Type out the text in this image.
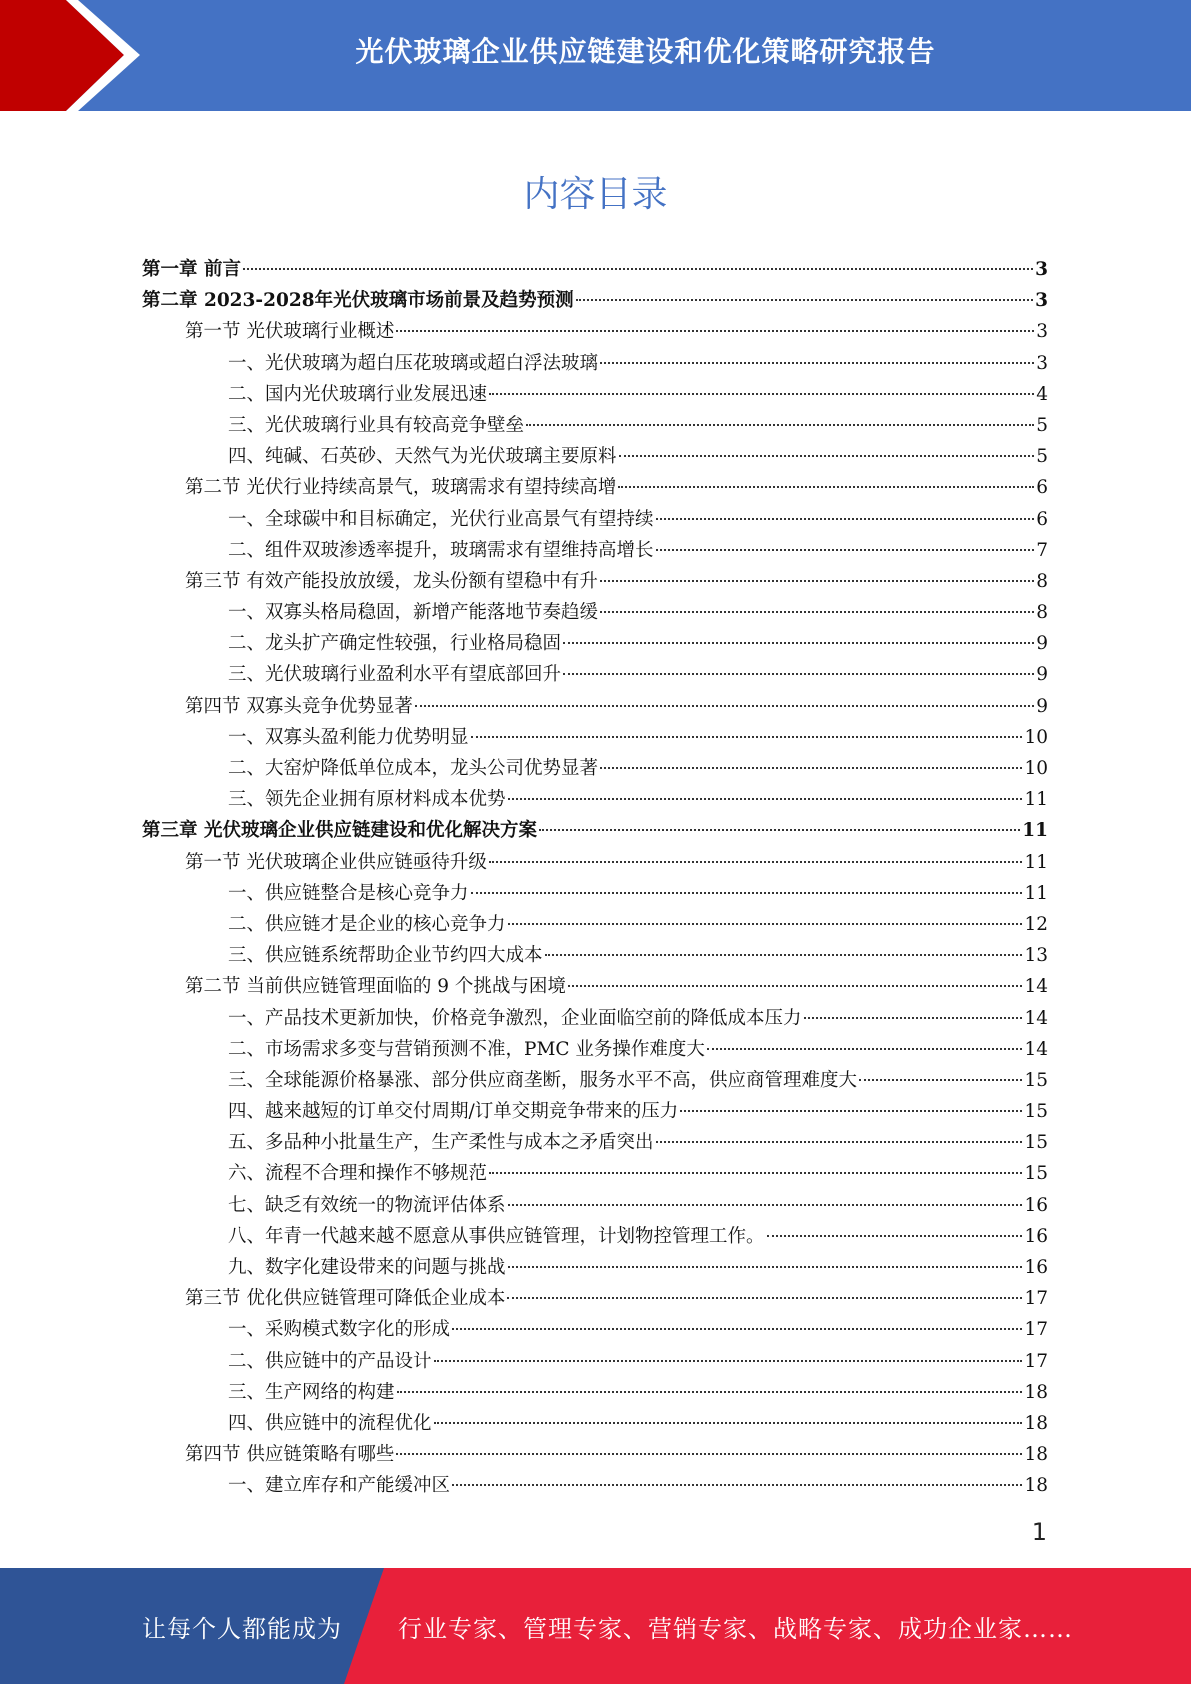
光伏玻璃企业供应链建设和优化策略研究报告
内容目录
第一章 前言	3
第二章 2023-2028年光伏玻璃市场前景及趋势预测	3
第一节 光伏玻璃行业概述	3
一、光伏玻璃为超白压花玻璃或超白浮法玻璃	3
二、国内光伏玻璃行业发展迅速	4
三、光伏玻璃行业具有较高竞争壁垒	5
四、纯碱、石英砂、天然气为光伏玻璃主要原料	5
第二节 光伏行业持续高景气，玻璃需求有望持续高增	6
一、全球碳中和目标确定，光伏行业高景气有望持续	6
二、组件双玻渗透率提升，玻璃需求有望维持高增长	7
第三节 有效产能投放放缓，龙头份额有望稳中有升	8
一、双寡头格局稳固，新增产能落地节奏趋缓	8
二、龙头扩产确定性较强，行业格局稳固	9
三、光伏玻璃行业盈利水平有望底部回升	9
第四节 双寡头竞争优势显著	9
一、双寡头盈利能力优势明显	10
二、大窑炉降低单位成本，龙头公司优势显著	10
三、领先企业拥有原材料成本优势	11
第三章 光伏玻璃企业供应链建设和优化解决方案	11
第一节 光伏玻璃企业供应链亟待升级	11
一、供应链整合是核心竞争力	11
二、供应链才是企业的核心竞争力	12
三、供应链系统帮助企业节约四大成本	13
第二节 当前供应链管理面临的 9 个挑战与困境	14
一、产品技术更新加快，价格竞争激烈，企业面临空前的降低成本压力	14
二、市场需求多变与营销预测不准，PMC 业务操作难度大	14
三、全球能源价格暴涨、部分供应商垄断，服务水平不高，供应商管理难度大	15
四、越来越短的订单交付周期/订单交期竞争带来的压力	15
五、多品种小批量生产，生产柔性与成本之矛盾突出	15
六、流程不合理和操作不够规范	15
七、缺乏有效统一的物流评估体系	16
八、年青一代越来越不愿意从事供应链管理，计划物控管理工作。	16
九、数字化建设带来的问题与挑战	16
第三节 优化供应链管理可降低企业成本	17
一、采购模式数字化的形成	17
二、供应链中的产品设计	17
三、生产网络的构建	18
四、供应链中的流程优化	18
第四节 供应链策略有哪些	18
一、建立库存和产能缓冲区	18
1
让每个人都能成为 行业专家、管理专家、营销专家、战略专家、成功企业家……
